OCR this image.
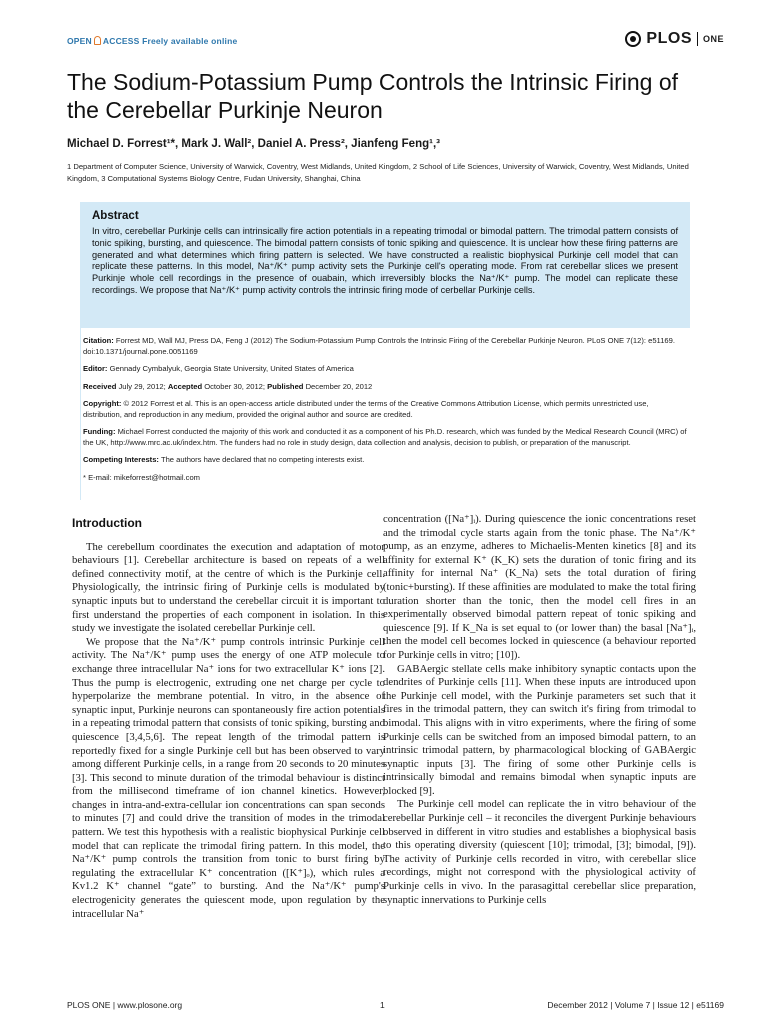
OPEN ACCESS Freely available online	PLOS ONE
The Sodium-Potassium Pump Controls the Intrinsic Firing of the Cerebellar Purkinje Neuron
Michael D. Forrest¹*, Mark J. Wall², Daniel A. Press², Jianfeng Feng¹,³
1 Department of Computer Science, University of Warwick, Coventry, West Midlands, United Kingdom, 2 School of Life Sciences, University of Warwick, Coventry, West Midlands, United Kingdom, 3 Computational Systems Biology Centre, Fudan University, Shanghai, China
Abstract

In vitro, cerebellar Purkinje cells can intrinsically fire action potentials in a repeating trimodal or bimodal pattern. The trimodal pattern consists of tonic spiking, bursting, and quiescence. The bimodal pattern consists of tonic spiking and quiescence. It is unclear how these firing patterns are generated and what determines which firing pattern is selected. We have constructed a realistic biophysical Purkinje cell model that can replicate these patterns. In this model, Na⁺/K⁺ pump activity sets the Purkinje cell's operating mode. From rat cerebellar slices we present Purkinje whole cell recordings in the presence of ouabain, which irreversibly blocks the Na⁺/K⁺ pump. The model can replicate these recordings. We propose that Na⁺/K⁺ pump activity controls the intrinsic firing mode of cerbellar Purkinje cells.

Citation: Forrest MD, Wall MJ, Press DA, Feng J (2012) The Sodium-Potassium Pump Controls the Intrinsic Firing of the Cerebellar Purkinje Neuron. PLoS ONE 7(12): e51169. doi:10.1371/journal.pone.0051169

Editor: Gennady Cymbalyuk, Georgia State University, United States of America

Received July 29, 2012; Accepted October 30, 2012; Published December 20, 2012

Copyright: © 2012 Forrest et al. This is an open-access article distributed under the terms of the Creative Commons Attribution License, which permits unrestricted use, distribution, and reproduction in any medium, provided the original author and source are credited.

Funding: Michael Forrest conducted the majority of this work and conducted it as a component of his Ph.D. research, which was funded by the Medical Research Council (MRC) of the UK, http://www.mrc.ac.uk/index.htm. The funders had no role in study design, data collection and analysis, decision to publish, or preparation of the manuscript.

Competing Interests: The authors have declared that no competing interests exist.

* E-mail: mikeforrest@hotmail.com

Introduction

The cerebellum coordinates the execution and adaptation of motor behaviours [1]. Cerebellar architecture is based on repeats of a well defined connectivity motif, at the centre of which is the Purkinje cell. Physiologically, the intrinsic firing of Purkinje cells is modulated by synaptic inputs but to understand the cerebellar circuit it is important to first understand the properties of each component in isolation. In this study we investigate the isolated cerebellar Purkinje cell.

We propose that the Na⁺/K⁺ pump controls intrinsic Purkinje cell activity. The Na⁺/K⁺ pump uses the energy of one ATP molecule to exchange three intracellular Na⁺ ions for two extracellular K⁺ ions [2]. Thus the pump is electrogenic, extruding one net charge per cycle to hyperpolarize the membrane potential. In vitro, in the absence of synaptic input, Purkinje neurons can spontaneously fire action potentials in a repeating trimodal pattern that consists of tonic spiking, bursting and quiescence [3,4,5,6]. The repeat length of the trimodal pattern is reportedly fixed for a single Purkinje cell but has been observed to vary among different Purkinje cells, in a range from 20 seconds to 20 minutes [3]. This second to minute duration of the trimodal behaviour is distinct from the millisecond timeframe of ion channel kinetics. However, changes in intra-and-extra-cellular ion concentrations can span seconds to minutes [7] and could drive the transition of modes in the trimodal pattern. We test this hypothesis with a realistic biophysical Purkinje cell model that can replicate the trimodal firing pattern. In this model, the Na⁺/K⁺ pump controls the transition from tonic to burst firing by regulating the extracellular K⁺ concentration ([K⁺]ₒ), which rules a Kv1.2 K⁺ channel “gate” to bursting. And the Na⁺/K⁺ pump's electrogenicity generates the quiescent mode, upon regulation by the intracellular Na⁺

concentration ([Na⁺]ᵢ). During quiescence the ionic concentrations reset and the trimodal cycle starts again from the tonic phase. The Na⁺/K⁺ pump, as an enzyme, adheres to Michaelis-Menten kinetics [8] and its affinity for external K⁺ (K_K) sets the duration of tonic firing and its affinity for internal Na⁺ (K_Na) sets the total duration of firing (tonic+bursting). If these affinities are modulated to make the total firing duration shorter than the tonic, then the model cell fires in an experimentally observed bimodal pattern repeat of tonic spiking and quiescence [9]. If K_Na is set equal to (or lower than) the basal [Na⁺]ᵢ, then the model cell becomes locked in quiescence (a behaviour reported for Purkinje cells in vitro; [10]).

GABAergic stellate cells make inhibitory synaptic contacts upon the dendrites of Purkinje cells [11]. When these inputs are introduced upon the Purkinje cell model, with the Purkinje parameters set such that it fires in the trimodal pattern, they can switch it's firing from trimodal to bimodal. This aligns with in vitro experiments, where the firing of some Purkinje cells can be switched from an imposed bimodal pattern, to an intrinsic trimodal pattern, by pharmacological blocking of GABAergic synaptic inputs [3]. The firing of some other Purkinje cells is intrinsically bimodal and remains bimodal when synaptic inputs are blocked [9].

The Purkinje cell model can replicate the in vitro behaviour of the cerebellar Purkinje cell – it reconciles the divergent Purkinje behaviours observed in different in vitro studies and establishes a biophysical basis to this operating diversity (quiescent [10]; trimodal, [3]; bimodal, [9]). The activity of Purkinje cells recorded in vitro, with cerebellar slice recordings, might not correspond with the physiological activity of Purkinje cells in vivo. In the parasagittal cerebellar slice preparation, synaptic innervations to Purkinje cells

PLOS ONE | www.plosone.org	1	December 2012 | Volume 7 | Issue 12 | e51169
